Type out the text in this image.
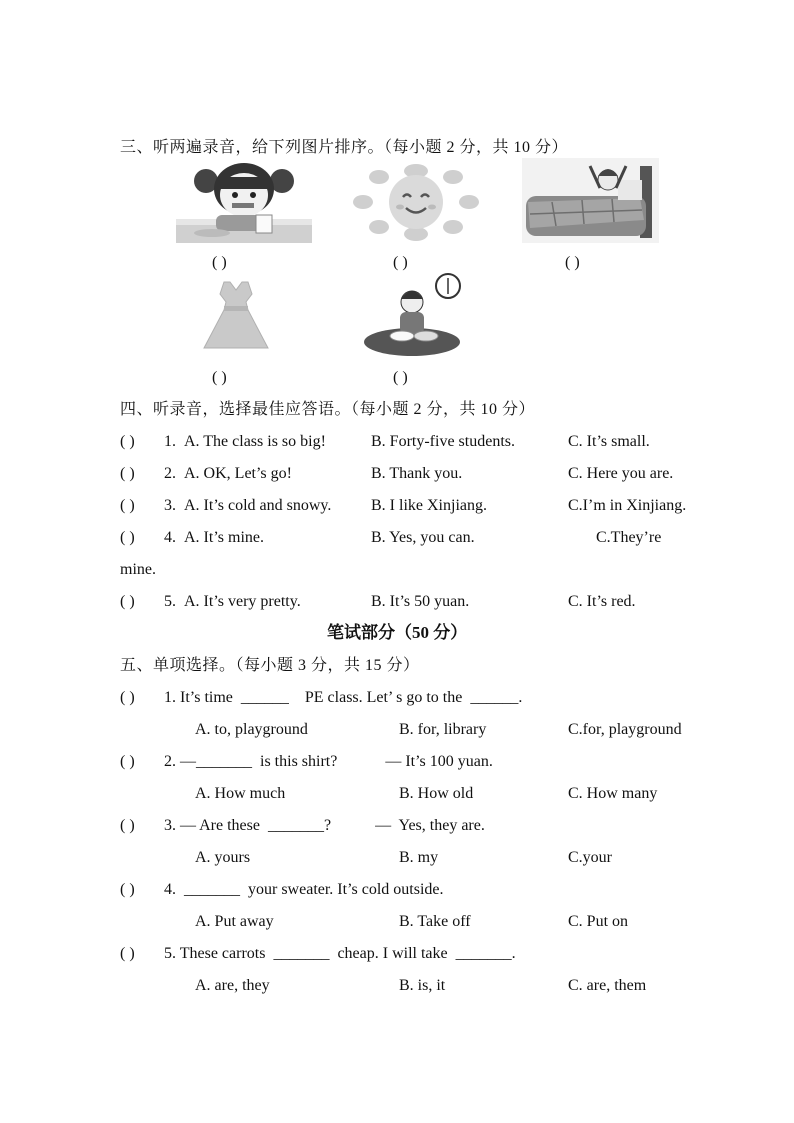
三、听两遍录音，给下列图片排序。（每小题 2 分，共 10 分）
( )	( )	( )
( )	( )
四、听录音，选择最佳应答语。（每小题 2 分，共 10 分）
( ) 1. A. The class is so big!	B. Forty-five students.	C. It’s small.
( ) 2. A. OK, Let’s go!	B. Thank you.	C. Here you are.
( ) 3. A. It’s cold and snowy. B. I like Xinjiang.	C.I’m in Xinjiang.
( ) 4. A. It’s mine.	B. Yes, you can.	C.They’re
mine.
( ) 5. A. It’s very pretty.	B. It’s 50 yuan.	C. It’s red.
笔试部分（50 分）
五、单项选择。（每小题 3 分，共 15 分）
( ) 1. It’s time  ______    PE class. Let’ s go to the  ______.
A. to, playground	B. for, library	C.for, playground
( ) 2. —_______  is this shirt?            — It’s 100 yuan.
A. How much	B. How old	C. How many
( ) 3. — Are these  _______?           —  Yes, they are.
A. yours	B. my	C.your
( ) 4.  _______  your sweater. It’s cold outside.
A. Put away	B. Take off	C. Put on
( ) 5. These carrots  _______  cheap. I will take  _______.
A. are, they	B. is, it	C. are, them
